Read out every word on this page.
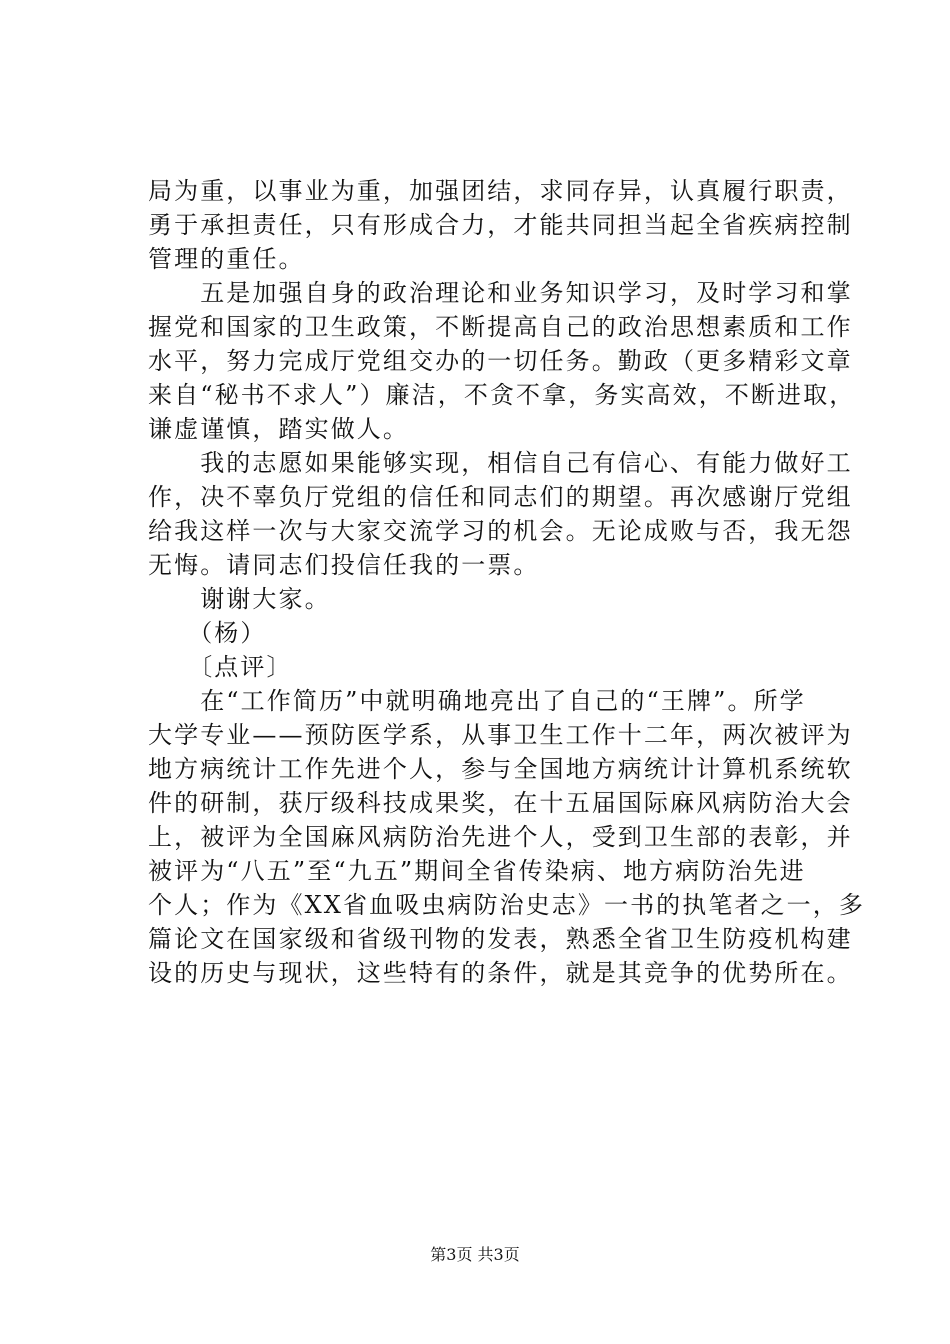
局为重，以事业为重，加强团结，求同存异，认真履行职责，
勇于承担责任，只有形成合力，才能共同担当起全省疾病控制
管理的重任。
　　五是加强自身的政治理论和业务知识学习，及时学习和掌
握党和国家的卫生政策，不断提高自己的政治思想素质和工作
水平，努力完成厅党组交办的一切任务。勤政（更多精彩文章
来自“秘书不求人”）廉洁，不贪不拿，务实高效，不断进取，
谦虚谨慎，踏实做人。
　　我的志愿如果能够实现，相信自己有信心、有能力做好工
作，决不辜负厅党组的信任和同志们的期望。再次感谢厅党组
给我这样一次与大家交流学习的机会。无论成败与否，我无怨
无悔。请同志们投信任我的一票。
　　谢谢大家。
　　（杨）
　　〔点评〕
　　在“工作简历”中就明确地亮出了自己的“王牌”。所学
大学专业——预防医学系，从事卫生工作十二年，两次被评为
地方病统计工作先进个人，参与全国地方病统计计算机系统软
件的研制，获厅级科技成果奖，在十五届国际麻风病防治大会
上，被评为全国麻风病防治先进个人，受到卫生部的表彰，并
被评为“八五”至“九五”期间全省传染病、地方病防治先进
个人；作为《XX省血吸虫病防治史志》一书的执笔者之一，多
篇论文在国家级和省级刊物的发表，熟悉全省卫生防疫机构建
设的历史与现状，这些特有的条件，就是其竞争的优势所在。
第3页 共3页
